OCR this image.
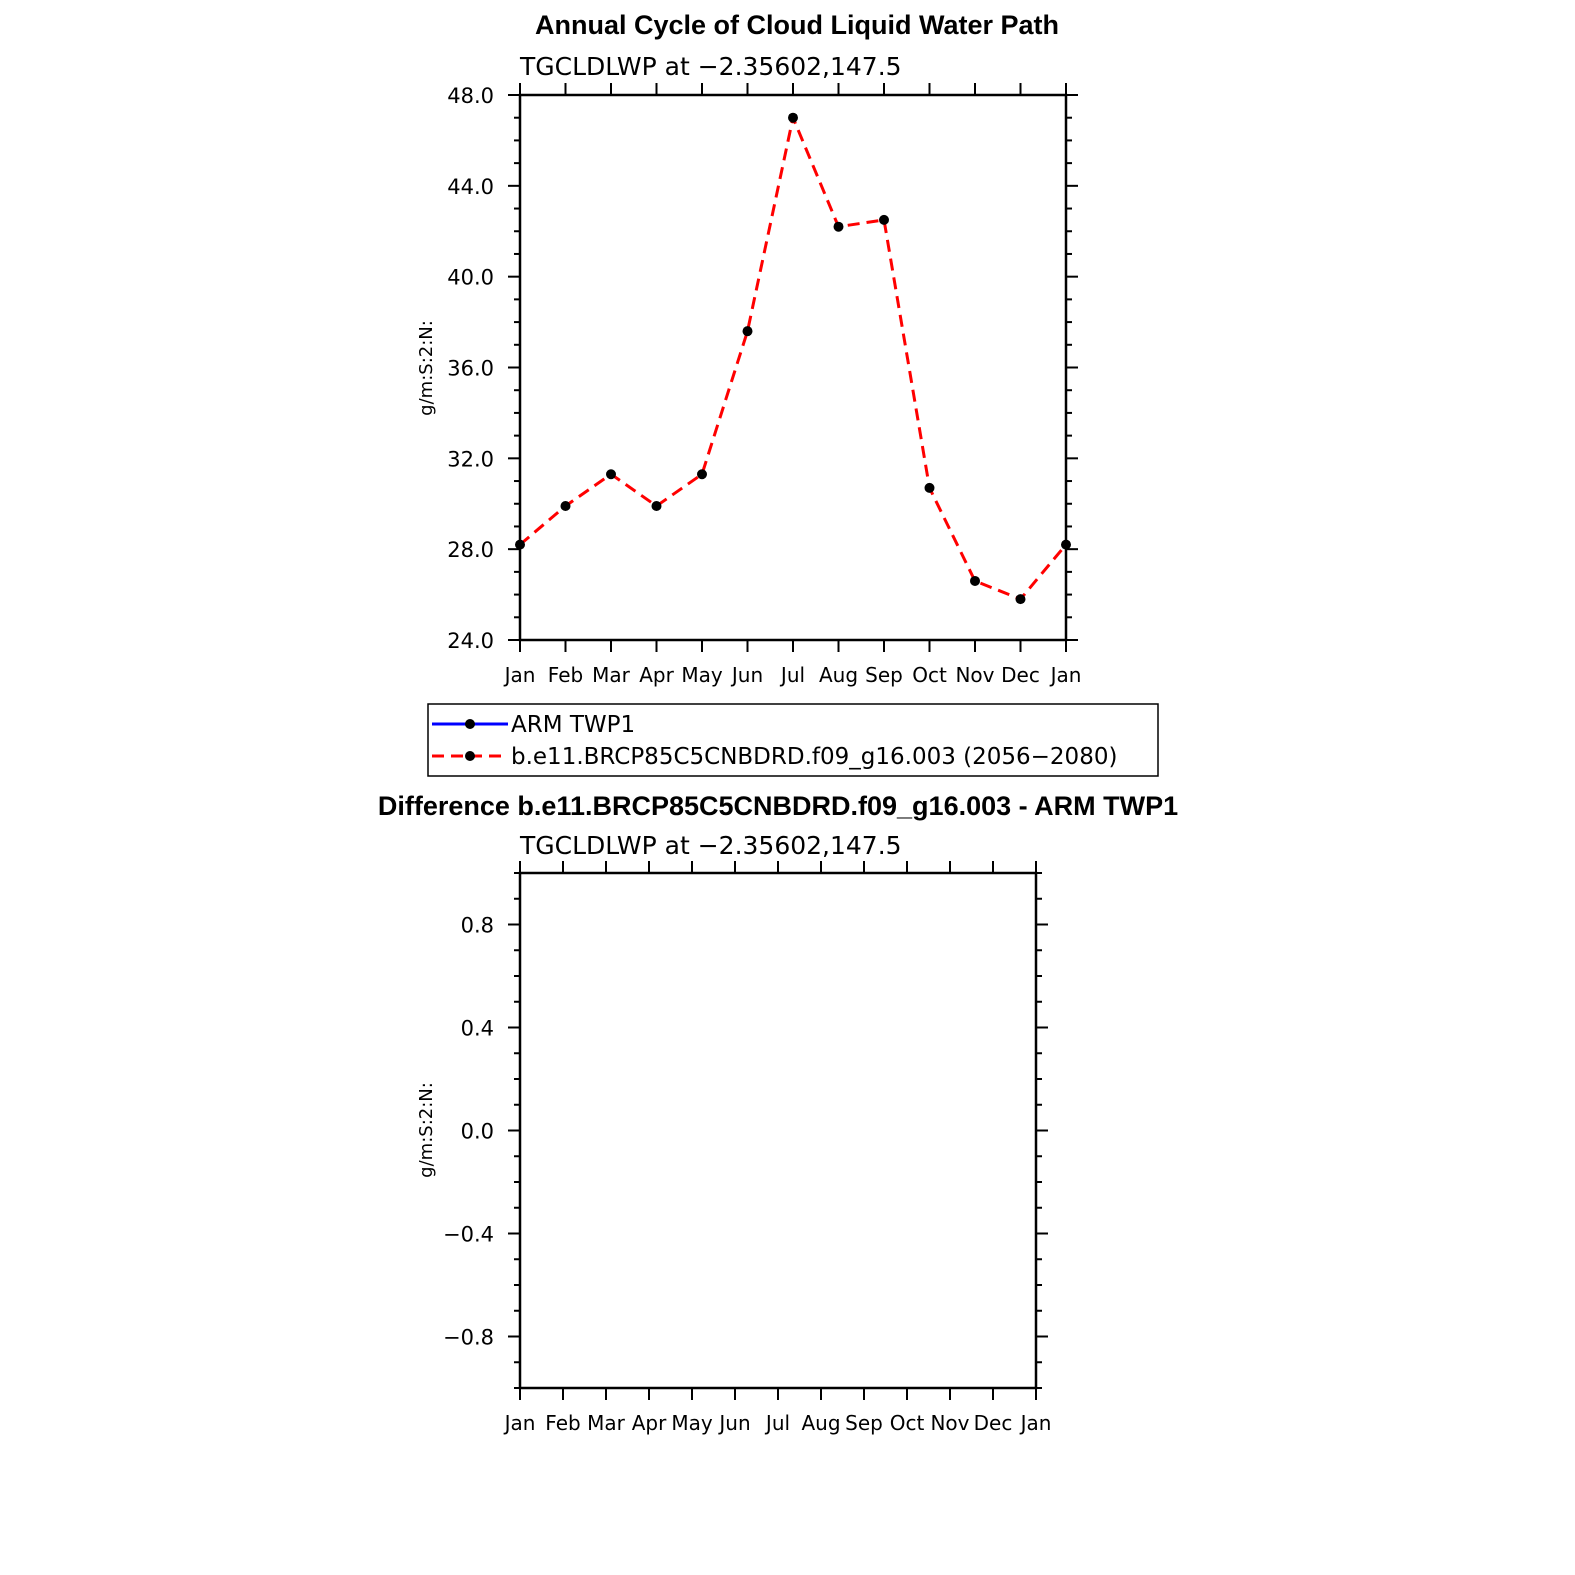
Annual Cycle of Cloud Liquid Water Path
TGCLDLWP at −2.35602,147.5
g/m:S:2:N:
Jan Feb Mar Apr May Jun Jul Aug Sep Oct Nov Dec Jan
24.0
28.0
32.0
36.0
40.0
44.0
48.0
ARM TWP1
b.e11.BRCP85C5CNBDRD.f09_g16.003 (2056−2080)
Difference b.e11.BRCP85C5CNBDRD.f09_g16.003 - ARM TWP1
TGCLDLWP at −2.35602,147.5
g/m:S:2:N:
Jan Feb Mar Apr May Jun Jul Aug Sep Oct Nov Dec Jan
−0.8
−0.4
0.0
0.4
0.8
